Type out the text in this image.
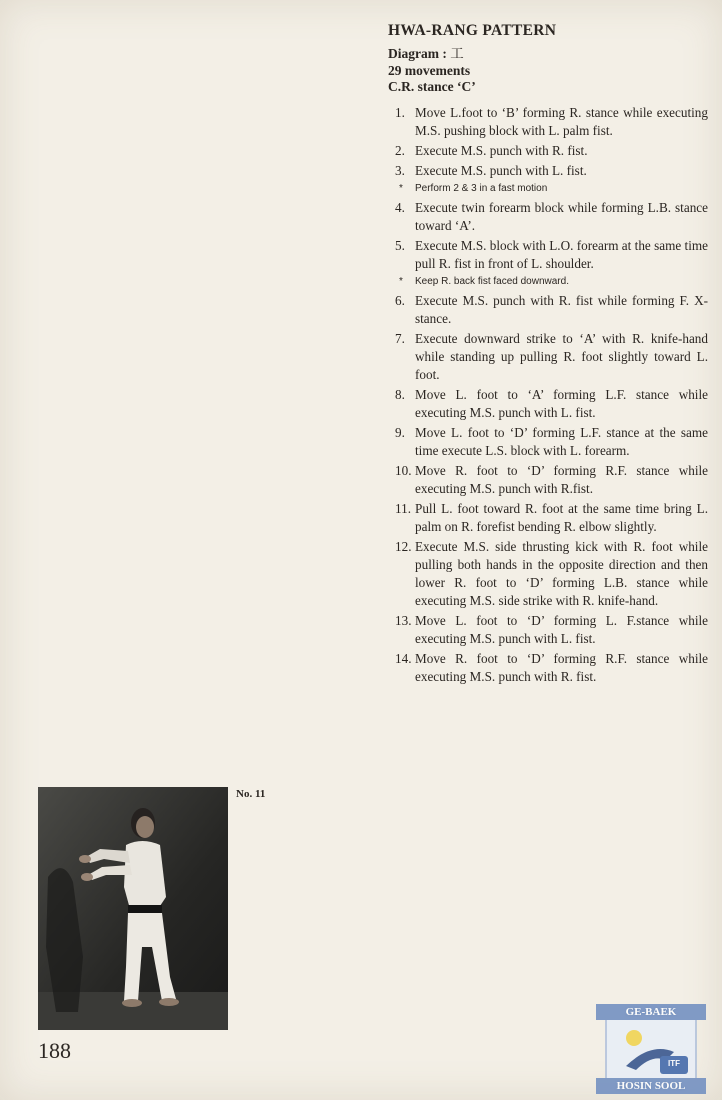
HWA-RANG PATTERN
Diagram : 工
29 movements
C.R. stance ‘C’
1. Move L.foot to ‘B’ forming R. stance while executing M.S. pushing block with L. palm fist.
2. Execute M.S. punch with R. fist.
3. Execute M.S. punch with L. fist.
*	Perform 2 & 3 in a fast motion
4. Execute twin forearm block while forming L.B. stance toward ‘A’.
5. Execute M.S. block with L.O. forearm at the same time pull R. fist in front of L. shoulder.
*	Keep R. back fist faced downward.
6. Execute M.S. punch with R. fist while forming F. X-stance.
7. Execute downward strike to ‘A’ with R. knife-hand while standing up pulling R. foot slightly toward L. foot.
8. Move L. foot to ‘A’ forming L.F. stance while executing M.S. punch with L. fist.
9. Move L. foot to ‘D’ forming L.F. stance at the same time execute L.S. block with L. forearm.
10. Move R. foot to ‘D’ forming R.F. stance while executing M.S. punch with R.fist.
11. Pull L. foot toward R. foot at the same time bring L. palm on R. forefist bending R. elbow slightly.
12. Execute M.S. side thrusting kick with R. foot while pulling both hands in the opposite direction and then lower R. foot to ‘D’ forming L.B. stance while executing M.S. side strike with R. knife-hand.
13. Move L. foot to ‘D’ forming L. F.stance while executing M.S. punch with L. fist.
14. Move R. foot to ‘D’ forming R.F. stance while executing M.S. punch with R. fist.
No. 11
188
GE-BAEK
HOSIN SOOL
ITF
